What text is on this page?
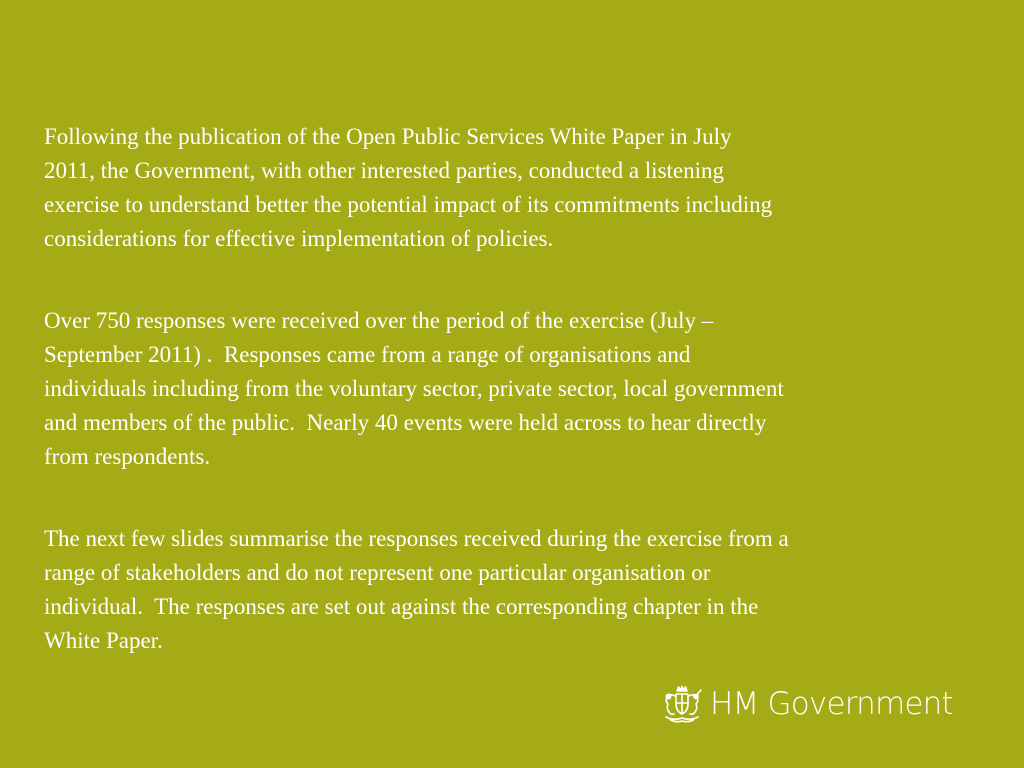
Following the publication of the Open Public Services White Paper in July
2011, the Government, with other interested parties, conducted a listening
exercise to understand better the potential impact of its commitments including
considerations for effective implementation of policies.

Over 750 responses were received over the period of the exercise (July –
September 2011) .  Responses came from a range of organisations and
individuals including from the voluntary sector, private sector, local government
and members of the public.  Nearly 40 events were held across to hear directly
from respondents.

The next few slides summarise the responses received during the exercise from a
range of stakeholders and do not represent one particular organisation or
individual.  The responses are set out against the corresponding chapter in the
White Paper.

HM Government
